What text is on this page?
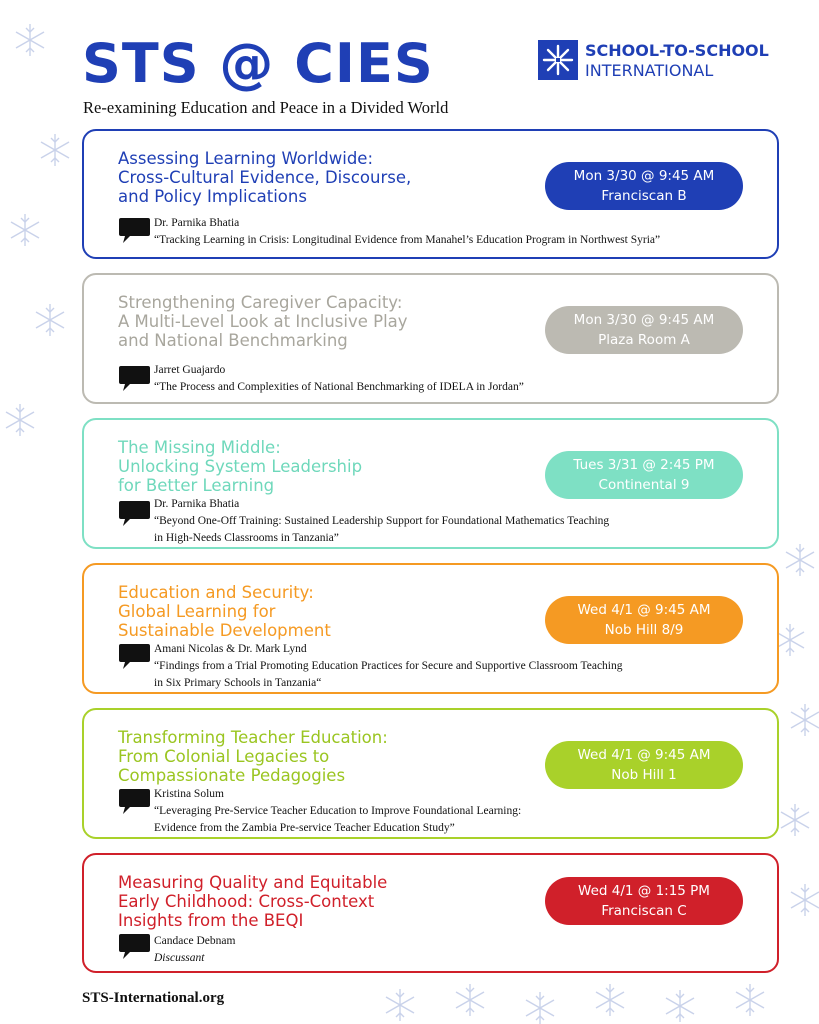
STS @ CIES
Re-examining Education and Peace in a Divided World
SCHOOL-TO-SCHOOL
INTERNATIONAL
Assessing Learning Worldwide:
Cross-Cultural Evidence, Discourse,
and Policy Implications
Mon 3/30 @ 9:45 AM
Franciscan B
Dr. Parnika Bhatia
“Tracking Learning in Crisis: Longitudinal Evidence from Manahel’s Education Program in Northwest Syria”
Strengthening Caregiver Capacity:
A Multi-Level Look at Inclusive Play
and National Benchmarking
Mon 3/30 @ 9:45 AM
Plaza Room A
Jarret Guajardo
“The Process and Complexities of National Benchmarking of IDELA in Jordan”
The Missing Middle:
Unlocking System Leadership
for Better Learning
Tues 3/31 @ 2:45 PM
Continental 9
Dr. Parnika Bhatia
“Beyond One-Off Training: Sustained Leadership Support for Foundational Mathematics Teaching
in High-Needs Classrooms in Tanzania”
Education and Security:
Global Learning for
Sustainable Development
Wed 4/1 @ 9:45 AM
Nob Hill 8/9
Amani Nicolas & Dr. Mark Lynd
“Findings from a Trial Promoting Education Practices for Secure and Supportive Classroom Teaching
in Six Primary Schools in Tanzania“
Transforming Teacher Education:
From Colonial Legacies to
Compassionate Pedagogies
Wed 4/1 @ 9:45 AM
Nob Hill 1
Kristina Solum
“Leveraging Pre-Service Teacher Education to Improve Foundational Learning:
Evidence from the Zambia Pre-service Teacher Education Study”
Measuring Quality and Equitable
Early Childhood: Cross-Context
Insights from the BEQI
Wed 4/1 @ 1:15 PM
Franciscan C
Candace Debnam
Discussant
STS-International.org
